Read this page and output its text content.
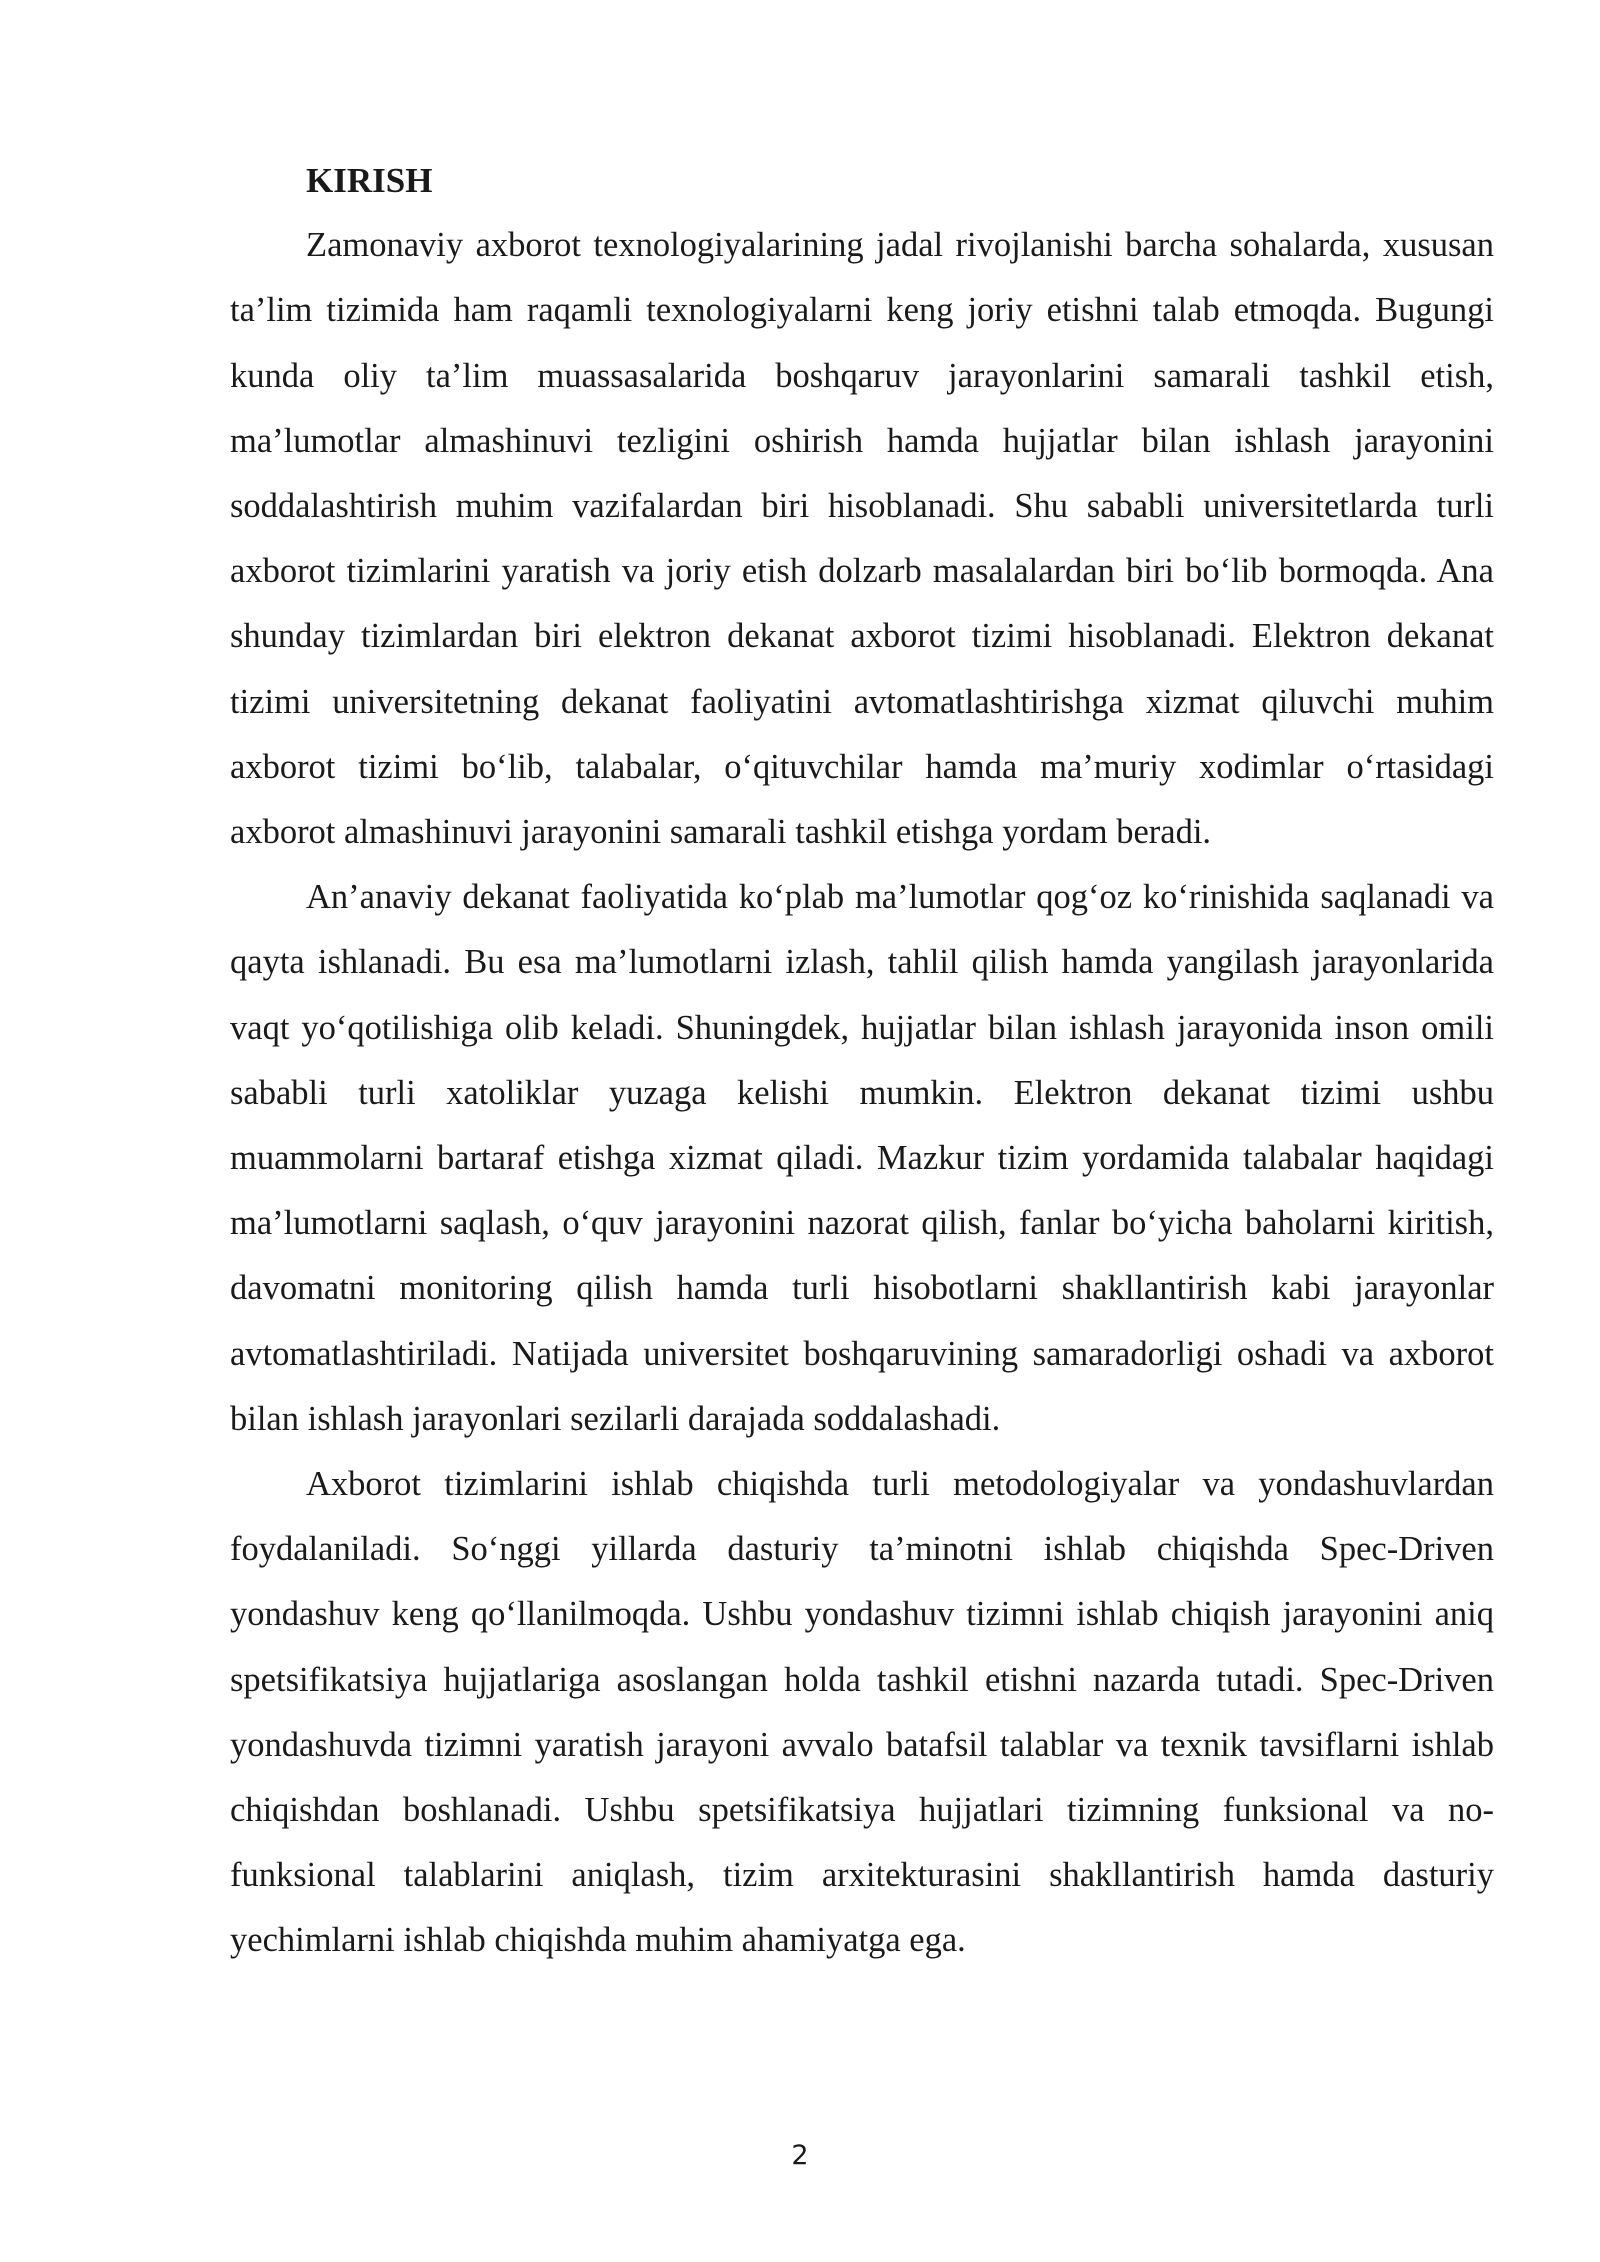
KIRISH

Zamonaviy axborot texnologiyalarining jadal rivojlanishi barcha sohalarda, xususan ta’lim tizimida ham raqamli texnologiyalarni keng joriy etishni talab etmoqda. Bugungi kunda oliy ta’lim muassasalarida boshqaruv jarayonlarini samarali tashkil etish, ma’lumotlar almashinuvi tezligini oshirish hamda hujjatlar bilan ishlash jarayonini soddalashtirish muhim vazifalardan biri hisoblanadi. Shu sababli universitetlarda turli axborot tizimlarini yaratish va joriy etish dolzarb masalalardan biri bo‘lib bormoqda. Ana shunday tizimlardan biri elektron dekanat axborot tizimi hisoblanadi. Elektron dekanat tizimi universitetning dekanat faoliyatini avtomatlashtirishga xizmat qiluvchi muhim axborot tizimi bo‘lib, talabalar, o‘qituvchilar hamda ma’muriy xodimlar o‘rtasidagi axborot almashinuvi jarayonini samarali tashkil etishga yordam beradi.

An’anaviy dekanat faoliyatida ko‘plab ma’lumotlar qog‘oz ko‘rinishida saqlanadi va qayta ishlanadi. Bu esa ma’lumotlarni izlash, tahlil qilish hamda yangilash jarayonlarida vaqt yo‘qotilishiga olib keladi. Shuningdek, hujjatlar bilan ishlash jarayonida inson omili sababli turli xatoliklar yuzaga kelishi mumkin. Elektron dekanat tizimi ushbu muammolarni bartaraf etishga xizmat qiladi. Mazkur tizim yordamida talabalar haqidagi ma’lumotlarni saqlash, o‘quv jarayonini nazorat qilish, fanlar bo‘yicha baholarni kiritish, davomatni monitoring qilish hamda turli hisobotlarni shakllantirish kabi jarayonlar avtomatlashtiriladi. Natijada universitet boshqaruvining samaradorligi oshadi va axborot bilan ishlash jarayonlari sezilarli darajada soddalashadi.

Axborot tizimlarini ishlab chiqishda turli metodologiyalar va yondashuvlardan foydalaniladi. So‘nggi yillarda dasturiy ta’minotni ishlab chiqishda Spec-Driven yondashuv keng qo‘llanilmoqda. Ushbu yondashuv tizimni ishlab chiqish jarayonini aniq spetsifikatsiya hujjatlariga asoslangan holda tashkil etishni nazarda tutadi. Spec-Driven yondashuvda tizimni yaratish jarayoni avvalo batafsil talablar va texnik tavsiflarni ishlab chiqishdan boshlanadi. Ushbu spetsifikatsiya hujjatlari tizimning funksional va no-funksional talablarini aniqlash, tizim arxitekturasini shakllantirish hamda dasturiy yechimlarni ishlab chiqishda muhim ahamiyatga ega.

2
